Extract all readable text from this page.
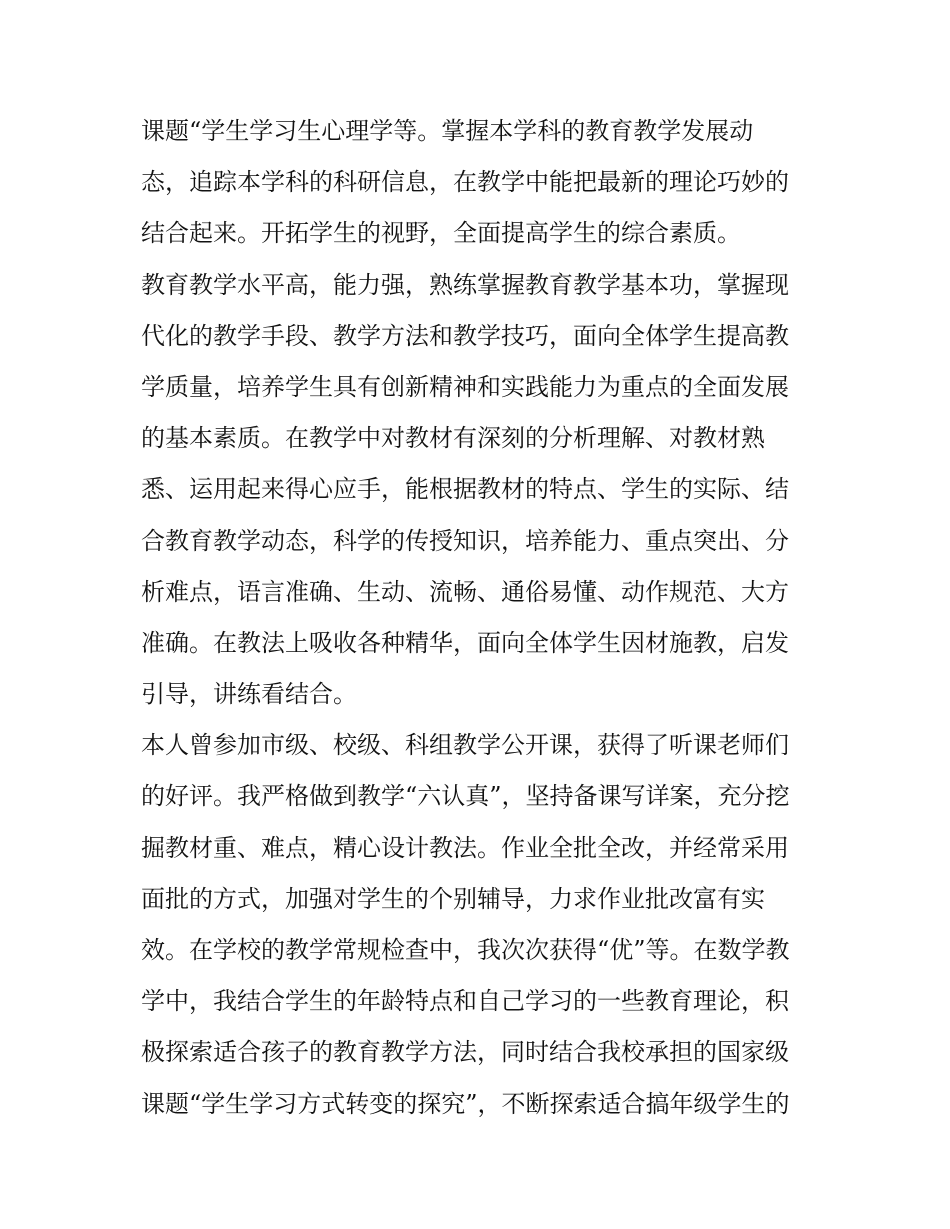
课题“学生学习生心理学等。掌握本学科的教育教学发展动
态，追踪本学科的科研信息，在教学中能把最新的理论巧妙的
结合起来。开拓学生的视野，全面提高学生的综合素质。
教育教学水平高，能力强，熟练掌握教育教学基本功，掌握现
代化的教学手段、教学方法和教学技巧，面向全体学生提高教
学质量，培养学生具有创新精神和实践能力为重点的全面发展
的基本素质。在教学中对教材有深刻的分析理解、对教材熟
悉、运用起来得心应手，能根据教材的特点、学生的实际、结
合教育教学动态，科学的传授知识，培养能力、重点突出、分
析难点，语言准确、生动、流畅、通俗易懂、动作规范、大方
准确。在教法上吸收各种精华，面向全体学生因材施教，启发
引导，讲练看结合。
本人曾参加市级、校级、科组教学公开课，获得了听课老师们
的好评。我严格做到教学“六认真”，坚持备课写详案，充分挖
掘教材重、难点，精心设计教法。作业全批全改，并经常采用
面批的方式，加强对学生的个别辅导，力求作业批改富有实
效。在学校的教学常规检查中，我次次获得“优”等。在数学教
学中，我结合学生的年龄特点和自己学习的一些教育理论，积
极探索适合孩子的教育教学方法，同时结合我校承担的国家级
课题“学生学习方式转变的探究”，不断探索适合搞年级学生的
